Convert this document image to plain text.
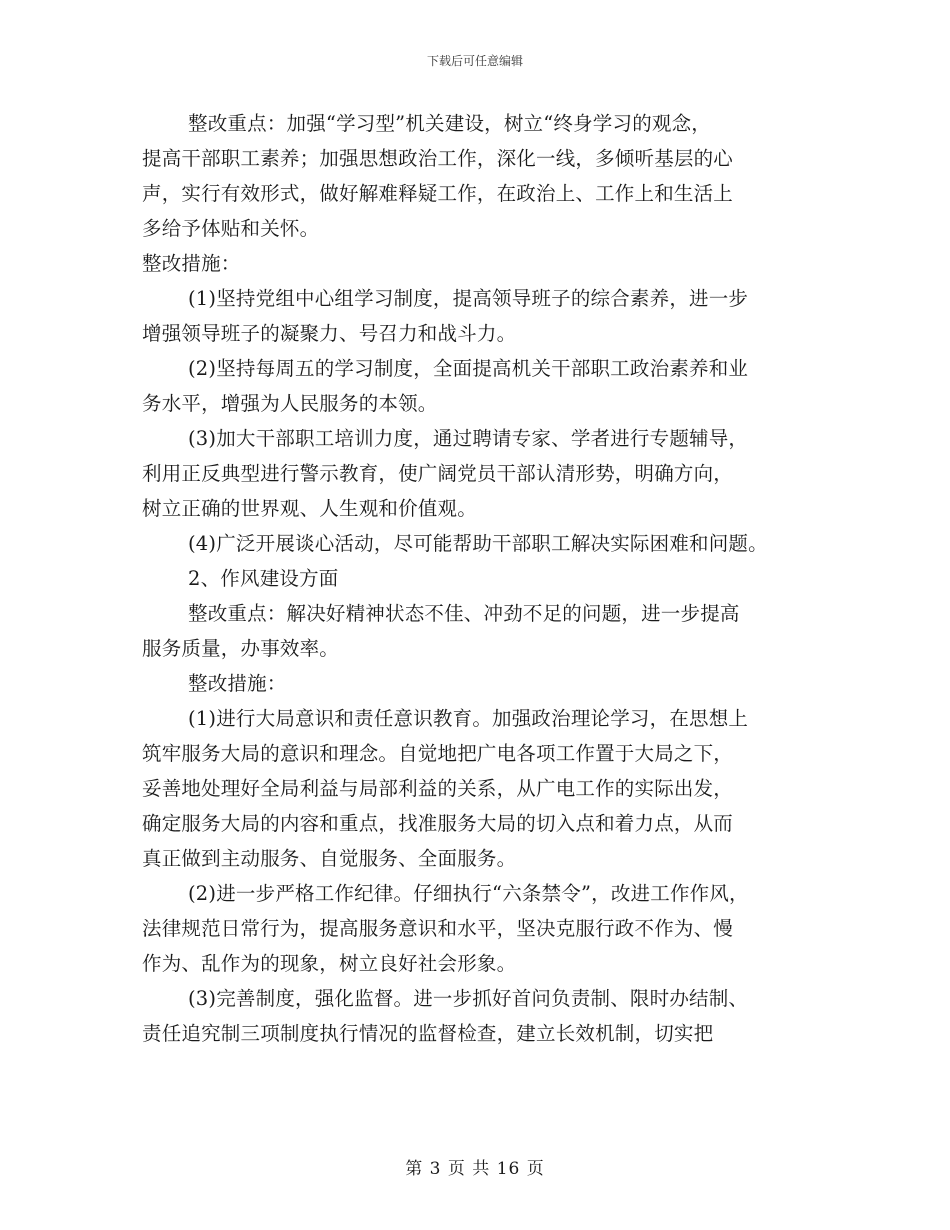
下载后可任意编辑
整改重点：加强“学习型”机关建设，树立“终身学习的观念，
提高干部职工素养；加强思想政治工作，深化一线，多倾听基层的心
声，实行有效形式，做好解难释疑工作，在政治上、工作上和生活上
多给予体贴和关怀。
整改措施：
(1)坚持党组中心组学习制度，提高领导班子的综合素养，进一步
增强领导班子的凝聚力、号召力和战斗力。
(2)坚持每周五的学习制度，全面提高机关干部职工政治素养和业
务水平，增强为人民服务的本领。
(3)加大干部职工培训力度，通过聘请专家、学者进行专题辅导，
利用正反典型进行警示教育，使广阔党员干部认清形势，明确方向，
树立正确的世界观、人生观和价值观。
(4)广泛开展谈心活动，尽可能帮助干部职工解决实际困难和问题。
2、作风建设方面
整改重点：解决好精神状态不佳、冲劲不足的问题，进一步提高
服务质量，办事效率。
整改措施：
(1)进行大局意识和责任意识教育。加强政治理论学习，在思想上
筑牢服务大局的意识和理念。自觉地把广电各项工作置于大局之下，
妥善地处理好全局利益与局部利益的关系，从广电工作的实际出发，
确定服务大局的内容和重点，找准服务大局的切入点和着力点，从而
真正做到主动服务、自觉服务、全面服务。
(2)进一步严格工作纪律。仔细执行“六条禁令”，改进工作作风，
法律规范日常行为，提高服务意识和水平，坚决克服行政不作为、慢
作为、乱作为的现象，树立良好社会形象。
(3)完善制度，强化监督。进一步抓好首问负责制、限时办结制、
责任追究制三项制度执行情况的监督检查，建立长效机制，切实把
第 3 页 共 16 页
